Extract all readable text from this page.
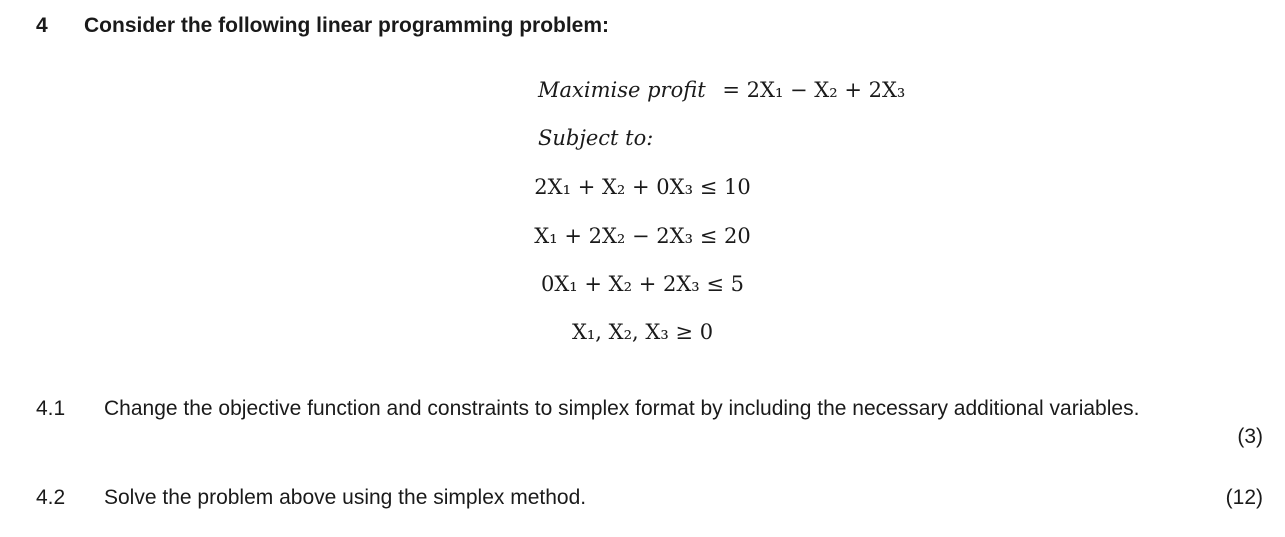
4 Consider the following linear programming problem:
Maximise profit = 2X₁ − X₂ + 2X₃
Subject to:
2X₁ + X₂ + 0X₃ ≤ 10
X₁ + 2X₂ − 2X₃ ≤ 20
0X₁ + X₂ + 2X₃ ≤ 5
X₁, X₂, X₃ ≥ 0
4.1 Change the objective function and constraints to simplex format by including the necessary additional variables.
(3)
4.2 Solve the problem above using the simplex method.	(12)
